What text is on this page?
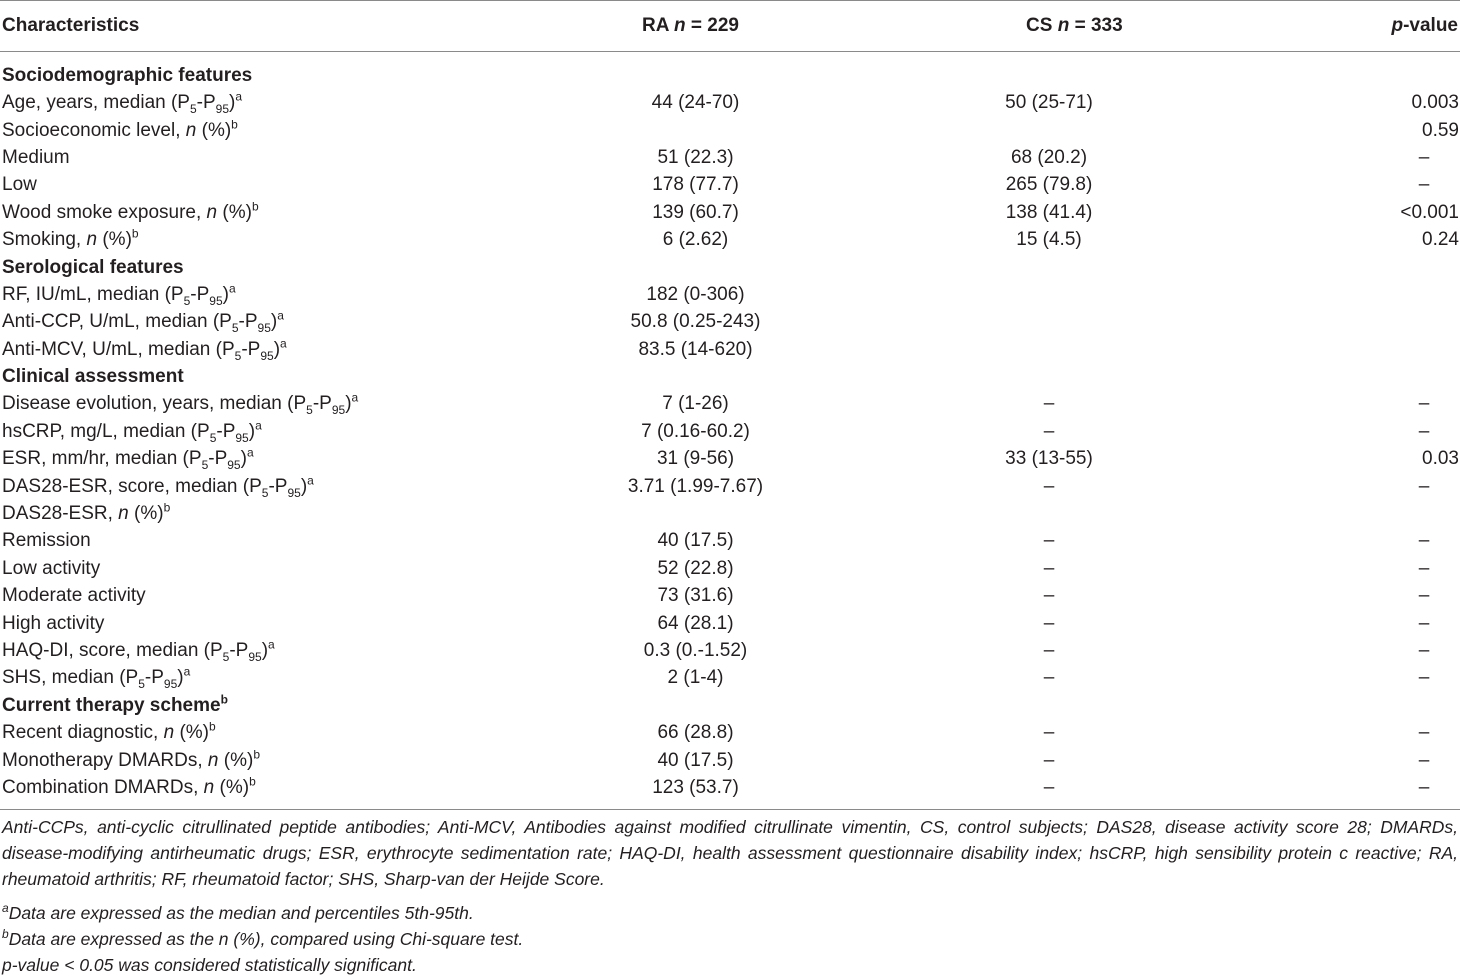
Characteristics	RA n = 229	CS n = 333	p-value
Sociodemographic features			
Age, years, median $(P_5-P_{95})^a$	44 (24-70)	50 (25-71)	0.003
Socioeconomic level, n (%)$^b$			0.59
Medium	51 (22.3)	68 (20.2)	–
Low	178 (77.7)	265 (79.8)	–
Wood smoke exposure, n (%)$^b$	139 (60.7)	138 (41.4)	<0.001
Smoking, n (%)$^b$	6 (2.62)	15 (4.5)	0.24
Serological features			
RF, IU/mL, median $(P_5-P_{95})^a$	182 (0-306)		
Anti-CCP, U/mL, median $(P_5-P_{95})^a$	50.8 (0.25-243)		
Anti-MCV, U/mL, median $(P_5-P_{95})^a$	83.5 (14-620)		
Clinical assessment			
Disease evolution, years, median $(P_5-P_{95})^a$	7 (1-26)	–	–
hsCRP, mg/L, median $(P_5-P_{95})^a$	7 (0.16-60.2)	–	–
ESR, mm/hr, median $(P_5-P_{95})^a$	31 (9-56)	33 (13-55)	0.03
DAS28-ESR, score, median $(P_5-P_{95})^a$	3.71 (1.99-7.67)	–	–
DAS28-ESR, n (%)$^b$			
Remission	40 (17.5)	–	–
Low activity	52 (22.8)	–	–
Moderate activity	73 (31.6)	–	–
High activity	64 (28.1)	–	–
HAQ-DI, score, median $(P_5-P_{95})^a$	0.3 (0.-1.52)	–	–
SHS, median $(P_5-P_{95})^a$	2 (1-4)	–	–
Current therapy scheme$^b$			
Recent diagnostic, n (%)$^b$	66 (28.8)	–	–
Monotherapy DMARDs, n (%)$^b$	40 (17.5)	–	–
Combination DMARDs, n (%)$^b$	123 (53.7)	–	–
Anti-CCPs, anti-cyclic citrullinated peptide antibodies; Anti-MCV, Antibodies against modified citrullinate vimentin, CS, control subjects; DAS28, disease activity score 28; DMARDs, disease-modifying antirheumatic drugs; ESR, erythrocyte sedimentation rate; HAQ-DI, health assessment questionnaire disability index; hsCRP, high sensibility protein c reactive; RA, rheumatoid arthritis; RF, rheumatoid factor; SHS, Sharp-van der Heijde Score.
$^a$Data are expressed as the median and percentiles 5th-95th.
$^b$Data are expressed as the n (%), compared using Chi-square test.
p-value < 0.05 was considered statistically significant.
